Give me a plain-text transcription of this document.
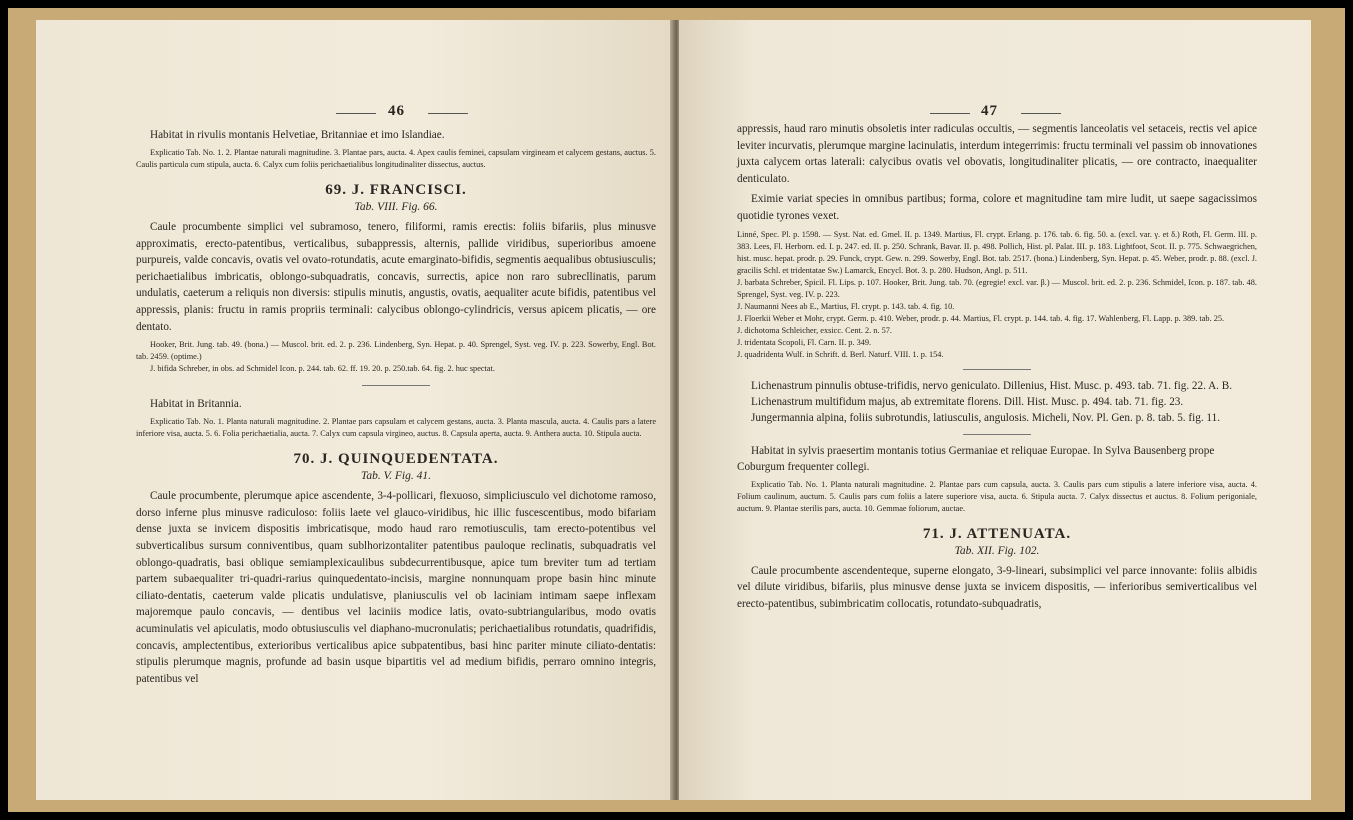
46

Habitat in rivulis montanis Helvetiae, Britanniae et imo Islandiae.

Explicatio Tab. No. 1. 2. Plantae naturali magnitudine. 3. Plantae pars, aucta. 4. Apex caulis feminei, capsulam virgineam et calycem gestans, auctus. 5. Caulis particula cum stipula, aucta. 6. Calyx cum foliis perichaetialibus longitudinaliter dissectus, auctus.

69. J. FRANCISCI.

Tab. VIII. Fig. 66.

Caule procumbente simplici vel subramoso, tenero, filiformi, ramis erectis: foliis bifariis, plus minusve approximatis, erecto-patentibus, verticalibus, subappressis, alternis, pallide viridibus, superioribus amoene purpureis, valde concavis, ovatis vel ovato-rotundatis, acute emarginato-bifidis, segmentis aequalibus obtusiusculis; perichaetialibus imbricatis, oblongo-subquadratis, concavis, surrectis, apice non raro subrecllinatis, parum undulatis, caeterum a reliquis non diversis: stipulis minutis, angustis, ovatis, aequaliter acute bifidis, patentibus vel appressis, planis: fructu in ramis propriis terminali: calycibus oblongo-cylindricis, versus apicem plicatis, — ore dentato.

Hooker, Brit. Jung. tab. 49. (bona.) — Muscol. brit. ed. 2. p. 236. Lindenberg, Syn. Hepat. p. 40. Sprengel, Syst. veg. IV. p. 223. Sowerby, Engl. Bot. tab. 2459. (optime.)

J. bifida Schreber, in obs. ad Schmidel Icon. p. 244. tab. 62. ff. 19. 20. p. 250.tab. 64. fig. 2. huc spectat.

Habitat in Britannia.

Explicatio Tab. No. 1. Planta naturali magnitudine. 2. Plantae pars capsulam et calycem gestans, aucta. 3. Planta mascula, aucta. 4. Caulis pars a latere inferiore visa, aucta. 5. 6. Folia perichaetialia, aucta. 7. Calyx cum capsula virgineo, auctus. 8. Capsula aperta, aucta. 9. Anthera aucta. 10. Stipula aucta.

70. J. QUINQUEDENTATA.

Tab. V. Fig. 41.

Caule procumbente, plerumque apice ascendente, 3-4-pollicari, flexuoso, simpliciusculo vel dichotome ramoso, dorso inferne plus minusve radiculoso: foliis laete vel glauco-viridibus, hic illic fuscescentibus, modo bifariam dense juxta se invicem dispositis imbricatisque, modo haud raro remotiusculis, tam erecto-potentibus vel subverticalibus sursum conniventibus, quam sublhorizontaliter patentibus pauloque reclinatis, subquadratis vel oblongo-quadratis, basi oblique semiamplexicaulibus subdecurrentibusque, apice tum breviter tum ad tertiam partem subaequaliter tri-quadri-rarius quinquedentato-incisis, margine nonnunquam prope basin hinc minute ciliato-dentatis, caeterum valde plicatis undulatisve, planiusculis vel ob laciniam intimam saepe inflexam majoremque paulo concavis, — dentibus vel laciniis modice latis, ovato-subtriangularibus, modo ovatis acuminulatis vel apiculatis, modo obtusiusculis vel diaphano-mucronulatis; perichaetialibus rotundatis, quadrifidis, concavis, amplectentibus, exterioribus verticalibus apice subpatentibus, basi hinc pariter minute ciliato-dentatis: stipulis plerumque magnis, profunde ad basin usque bipartitis vel ad medium bifidis, perraro omnino integris, patentibus vel

47

appressis, haud raro minutis obsoletis inter radiculas occultis, — segmentis lanceolatis vel setaceis, rectis vel apice leviter incurvatis, plerumque margine lacinulatis, interdum integerrimis: fructu terminali vel passim ob innovationes juxta calycem ortas laterali: calycibus ovatis vel obovatis, longitudinaliter plicatis, — ore contracto, inaequaliter denticulato.

Eximie variat species in omnibus partibus; forma, colore et magnitudine tam mire ludit, ut saepe sagacissimos quotidie tyrones vexet.

Linné, Spec. Pl. p. 1598. — Syst. Nat. ed. Gmel. II. p. 1349. Martius, Fl. crypt. Erlang. p. 176. tab. 6. fig. 50. a. (excl. var. γ. et δ.) Roth, Fl. Germ. III. p. 383. Lees, Fl. Herborn. ed. I. p. 247. ed. II. p. 250. Schrank, Bavar. II. p. 498. Pollich, Hist. pl. Palat. III. p. 183. Lightfoot, Scot. II. p. 775. Schwaegrichen, hist. musc. hepat. prodr. p. 29. Funck, crypt. Gew. n. 299. Sowerby, Engl. Bot. tab. 2517. (bona.) Lindenberg, Syn. Hepat. p. 45. Weber, prodr. p. 88. (excl. J. gracilis Schl. et tridentatae Sw.) Lamarck, Encycl. Bot. 3. p. 280. Hudson, Angl. p. 511.

J. barbata Schreber, Spicil. Fl. Lips. p. 107. Hooker, Brit. Jung. tab. 70. (egregie! excl. var. β.) — Muscol. brit. ed. 2. p. 236. Schmidel, Icon. p. 187. tab. 48. Sprengel, Syst. veg. IV. p. 223.

J. Naumanni Nees ab E., Martius, Fl. crypt. p. 143. tab. 4. fig. 10.

J. Floerkii Weber et Mohr, crypt. Germ. p. 410. Weber, prodr. p. 44. Martius, Fl. crypt. p. 144. tab. 4. fig. 17. Wahlenberg, Fl. Lapp. p. 389. tab. 25.

J. dichotoma Schleicher, exsicc. Cent. 2. n. 57.

J. tridentata Scopoli, Fl. Carn. II. p. 349.

J. quadridenta Wulf. in Schrift. d. Berl. Naturf. VIII. 1. p. 154.

Lichenastrum pinnulis obtuse-trifidis, nervo geniculato. Dillenius, Hist. Musc. p. 493. tab. 71. fig. 22. A. B.

Lichenastrum multifidum majus, ab extremitate florens. Dill. Hist. Musc. p. 494. tab. 71. fig. 23.

Jungermannia alpina, foliis subrotundis, latiusculis, angulosis. Micheli, Nov. Pl. Gen. p. 8. tab. 5. fig. 11.

Habitat in sylvis praesertim montanis totius Germaniae et reliquae Europae. In Sylva Bausenberg prope Coburgum frequenter collegi.

Explicatio Tab. No. 1. Planta naturali magnitudine. 2. Plantae pars cum capsula, aucta. 3. Caulis pars cum stipulis a latere inferiore visa, aucta. 4. Folium caulinum, auctum. 5. Caulis pars cum foliis a latere superiore visa, aucta. 6. Stipula aucta. 7. Calyx dissectus et auctus. 8. Folium perigoniale, auctum. 9. Plantae sterilis pars, aucta. 10. Gemmae foliorum, auctae.

71. J. ATTENUATA.

Tab. XII. Fig. 102.

Caule procumbente ascendenteque, superne elongato, 3-9-lineari, subsimplici vel parce innovante: foliis albidis vel dilute viridibus, bifariis, plus minusve dense juxta se invicem dispositis, — inferioribus semiverticalibus vel erecto-patentibus, subimbricatim collocatis, rotundato-subquadratis,
